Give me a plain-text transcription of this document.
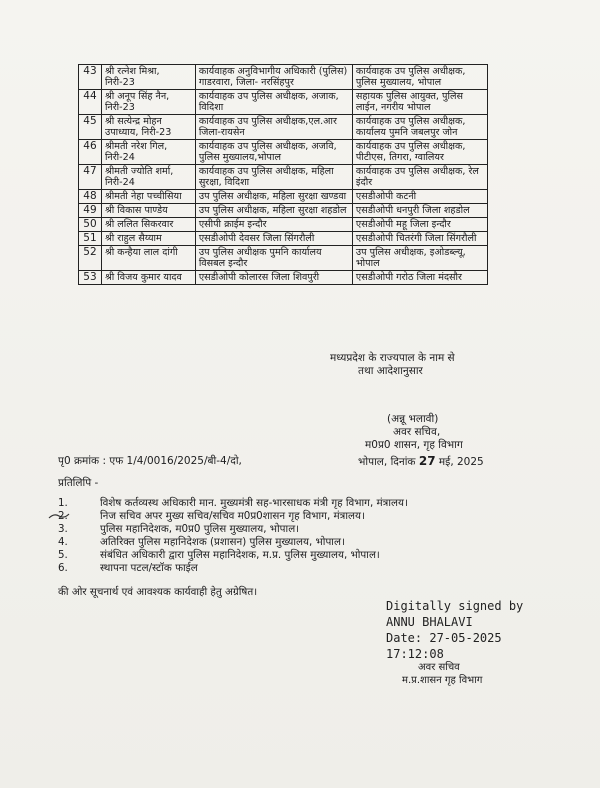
43	श्री रत्नेश मिश्रा, निरी-23	कार्यवाहक अनुविभागीय अधिकारी (पुलिस) गाडरवारा, जिला- नरसिंहपुर	कार्यवाहक उप पुलिस अधीक्षक, पुलिस मुख्यालय, भोपाल
44	श्री अनूप सिंह नैन, निरी-23	कार्यवाहक उप पुलिस अधीक्षक, अजाक, विदिशा	सहायक पुलिस आयुक्त, पुलिस लाईन, नगरीय भोपाल
45	श्री सत्येन्द्र मोहन उपाध्याय, निरी-23	कार्यवाहक उप पुलिस अधीक्षक,एल.आर जिला-रायसेन	कार्यवाहक उप पुलिस अधीक्षक, कार्यालय पुमनि जबलपुर जोन
46	श्रीमती नरेश गिल, निरी-24	कार्यवाहक उप पुलिस अधीक्षक, अजवि, पुलिस मुख्यालय,भोपाल	कार्यवाहक उप पुलिस अधीक्षक, पीटीएस, तिगरा, ग्वालियर
47	श्रीमती ज्योति शर्मा, निरी-24	कार्यवाहक उप पुलिस अधीक्षक, महिला सुरक्षा, विदिशा	कार्यवाहक उप पुलिस अधीक्षक, रेल इंदौर
48	श्रीमती नेहा पच्चीसिया	उप पुलिस अधीक्षक, महिला सुरक्षा खण्डवा	एसडीओपी कटनी
49	श्री विकास पाण्डेय	उप पुलिस अधीक्षक, महिला सुरक्षा शहडोल	एसडीओपी धनपुरी जिला शहडोल
50	श्री ललित सिकरवार	एसीपी क्राईम इन्दौर	एसडीओपी महू जिला इन्दौर
51	श्री राहुल सैय्याम	एसडीओपी देवसर जिला सिंगरौली	एसडीओपी चितरंगी जिला सिंगरौली
52	श्री कन्हैया लाल दांगी	उप पुलिस अधीक्षक पुमनि कार्यालय विसबल इन्दौर	उप पुलिस अधीक्षक, इओडब्ल्यू, भोपाल
53	श्री विजय कुमार यादव	एसडीओपी कोलारस जिला शिवपुरी	एसडीओपी गरोठ जिला मंदसौर
मध्यप्रदेश के राज्यपाल के नाम से
तथा आदेशानुसार
(अन्नू भलावी)
अवर सचिव,
म0प्र0 शासन, गृह विभाग
पृ0 क्रमांक : एफ 1/4/0016/2025/बी-4/दो,	भोपाल, दिनांक 27 मई, 2025
प्रतिलिपि -
1.	विशेष कर्तव्यस्थ अधिकारी मान. मुख्यमंत्री सह-भारसाधक मंत्री गृह विभाग, मंत्रालय।
2.	निज सचिव अपर मुख्य सचिव/सचिव म0प्र0शासन गृह विभाग, मंत्रालय।
3.	पुलिस महानिदेशक, म0प्र0 पुलिस मुख्यालय, भोपाल।
4.	अतिरिक्त पुलिस महानिदेशक (प्रशासन) पुलिस मुख्यालय, भोपाल।
5.	संबंधित अधिकारी द्वारा पुलिस महानिदेशक, म.प्र. पुलिस मुख्यालय, भोपाल।
6.	स्थापना पटल/स्टॉक फाईल
की ओर सूचनार्थ एवं आवश्यक कार्यवाही हेतु अग्रेषित।
Digitally signed by
ANNU BHALAVI
Date: 27-05-2025
17:12:08
अवर सचिव
म.प्र.शासन गृह विभाग
